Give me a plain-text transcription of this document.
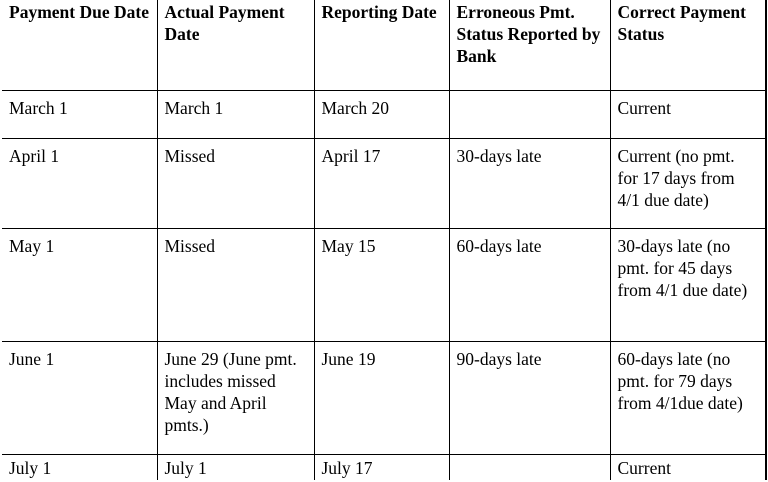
Payment Due Date	Actual Payment Date	Reporting Date	Erroneous Pmt. Status Reported by Bank	Correct Payment Status
March 1	March 1	March 20		Current
April 1	Missed	April 17	30-days late	Current (no pmt. for 17 days from 4/1 due date)
May 1	Missed	May 15	60-days late	30-days late (no pmt. for 45 days from 4/1 due date)
June 1	June 29 (June pmt. includes missed May and April pmts.)	June 19	90-days late	60-days late (no pmt. for 79 days from 4/1due date)
July 1	July 1	July 17		Current
